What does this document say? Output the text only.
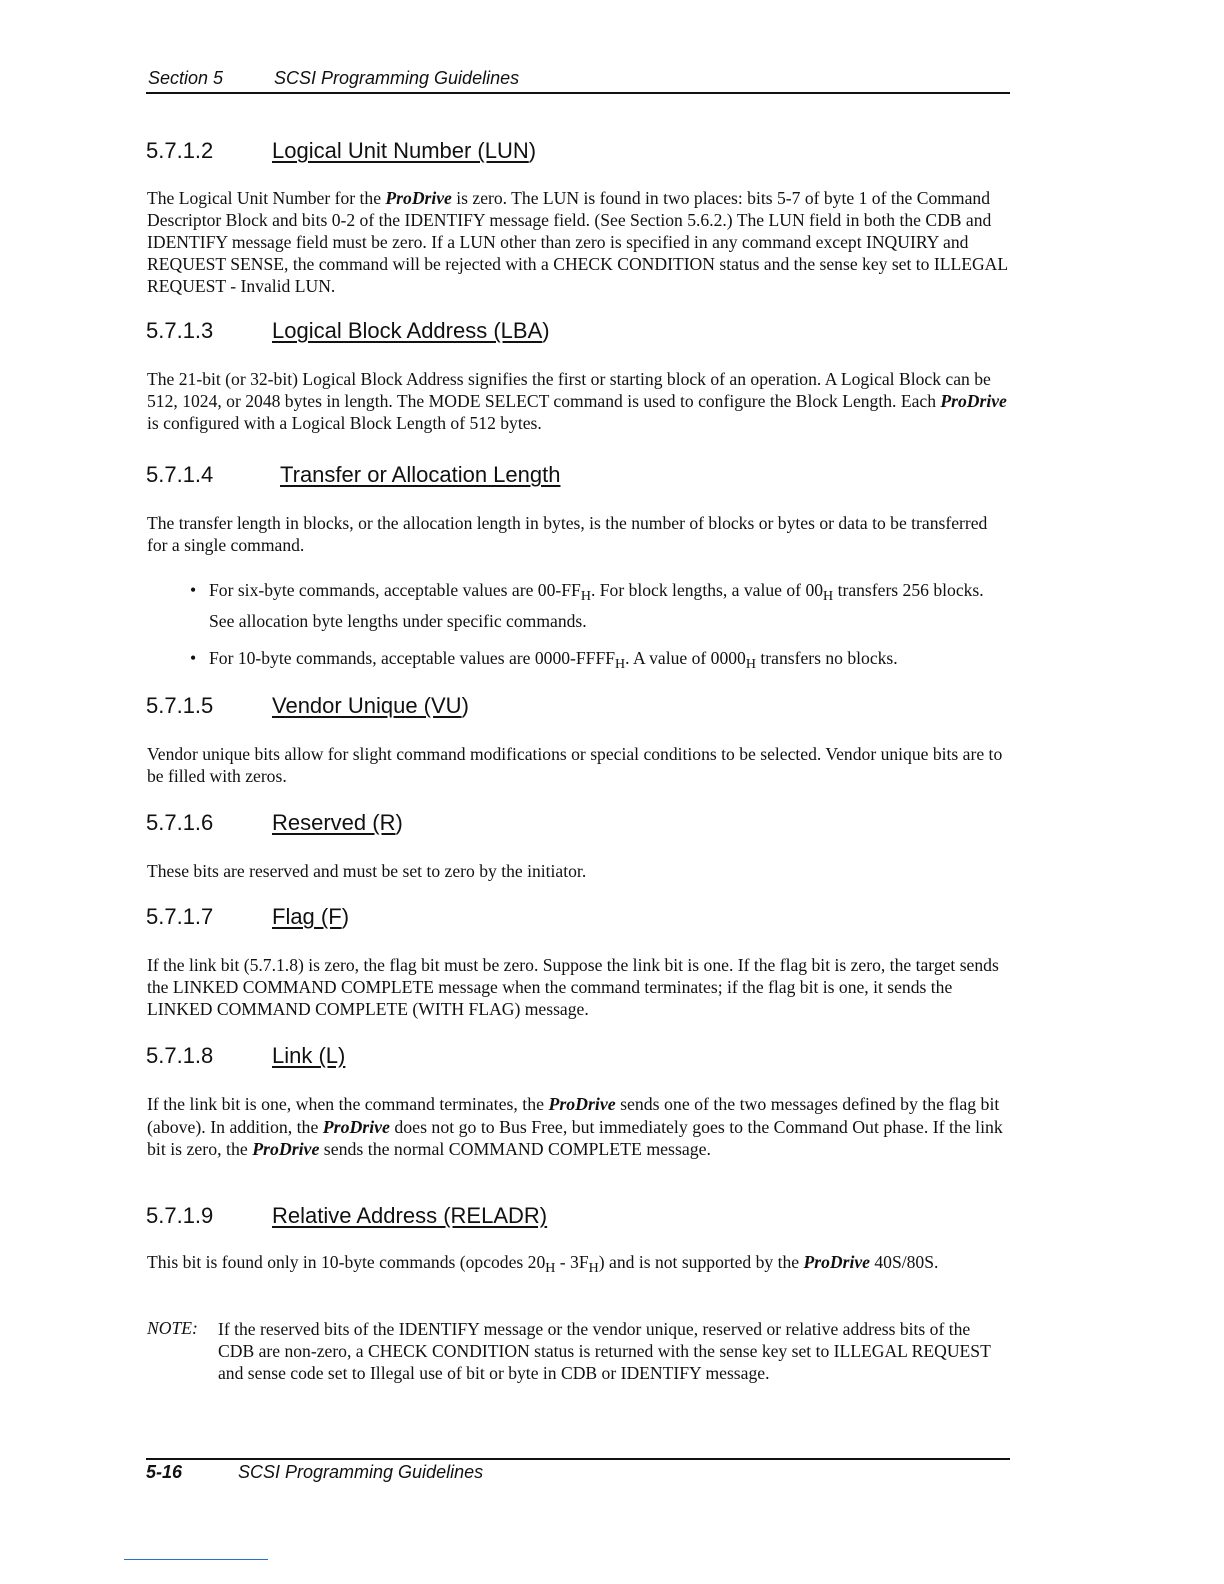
Section 5	SCSI Programming Guidelines
5.7.1.2	Logical Unit Number (LUN)
The Logical Unit Number for the ProDrive is zero. The LUN is found in two places: bits 5-7 of byte 1 of the Command Descriptor Block and bits 0-2 of the IDENTIFY message field. (See Section 5.6.2.) The LUN field in both the CDB and IDENTIFY message field must be zero. If a LUN other than zero is specified in any command except INQUIRY and REQUEST SENSE, the command will be rejected with a CHECK CONDITION status and the sense key set to ILLEGAL REQUEST - Invalid LUN.
5.7.1.3	Logical Block Address (LBA)
The 21-bit (or 32-bit) Logical Block Address signifies the first or starting block of an operation. A Logical Block can be 512, 1024, or 2048 bytes in length. The MODE SELECT command is used to configure the Block Length. Each ProDrive is configured with a Logical Block Length of 512 bytes.
5.7.1.4	Transfer or Allocation Length
The transfer length in blocks, or the allocation length in bytes, is the number of blocks or bytes or data to be transferred for a single command.
• For six-byte commands, acceptable values are $00-FF_H$. For block lengths, a value of $00_H$ transfers 256 blocks. See allocation byte lengths under specific commands.
• For 10-byte commands, acceptable values are $0000-FFFF_H$. A value of $0000_H$ transfers no blocks.
5.7.1.5	Vendor Unique (VU)
Vendor unique bits allow for slight command modifications or special conditions to be selected. Vendor unique bits are to be filled with zeros.
5.7.1.6	Reserved (R)
These bits are reserved and must be set to zero by the initiator.
5.7.1.7	Flag (F)
If the link bit (5.7.1.8) is zero, the flag bit must be zero. Suppose the link bit is one. If the flag bit is zero, the target sends the LINKED COMMAND COMPLETE message when the command terminates; if the flag bit is one, it sends the LINKED COMMAND COMPLETE (WITH FLAG) message.
5.7.1.8	Link (L)
If the link bit is one, when the command terminates, the ProDrive sends one of the two messages defined by the flag bit (above). In addition, the ProDrive does not go to Bus Free, but immediately goes to the Command Out phase. If the link bit is zero, the ProDrive sends the normal COMMAND COMPLETE message.
5.7.1.9	Relative Address (RELADR)
This bit is found only in 10-byte commands (opcodes $20_H - 3F_H$) and is not supported by the ProDrive 40S/80S.
NOTE: If the reserved bits of the IDENTIFY message or the vendor unique, reserved or relative address bits of the CDB are non-zero, a CHECK CONDITION status is returned with the sense key set to ILLEGAL REQUEST and sense code set to Illegal use of bit or byte in CDB or IDENTIFY message.
5-16	SCSI Programming Guidelines
